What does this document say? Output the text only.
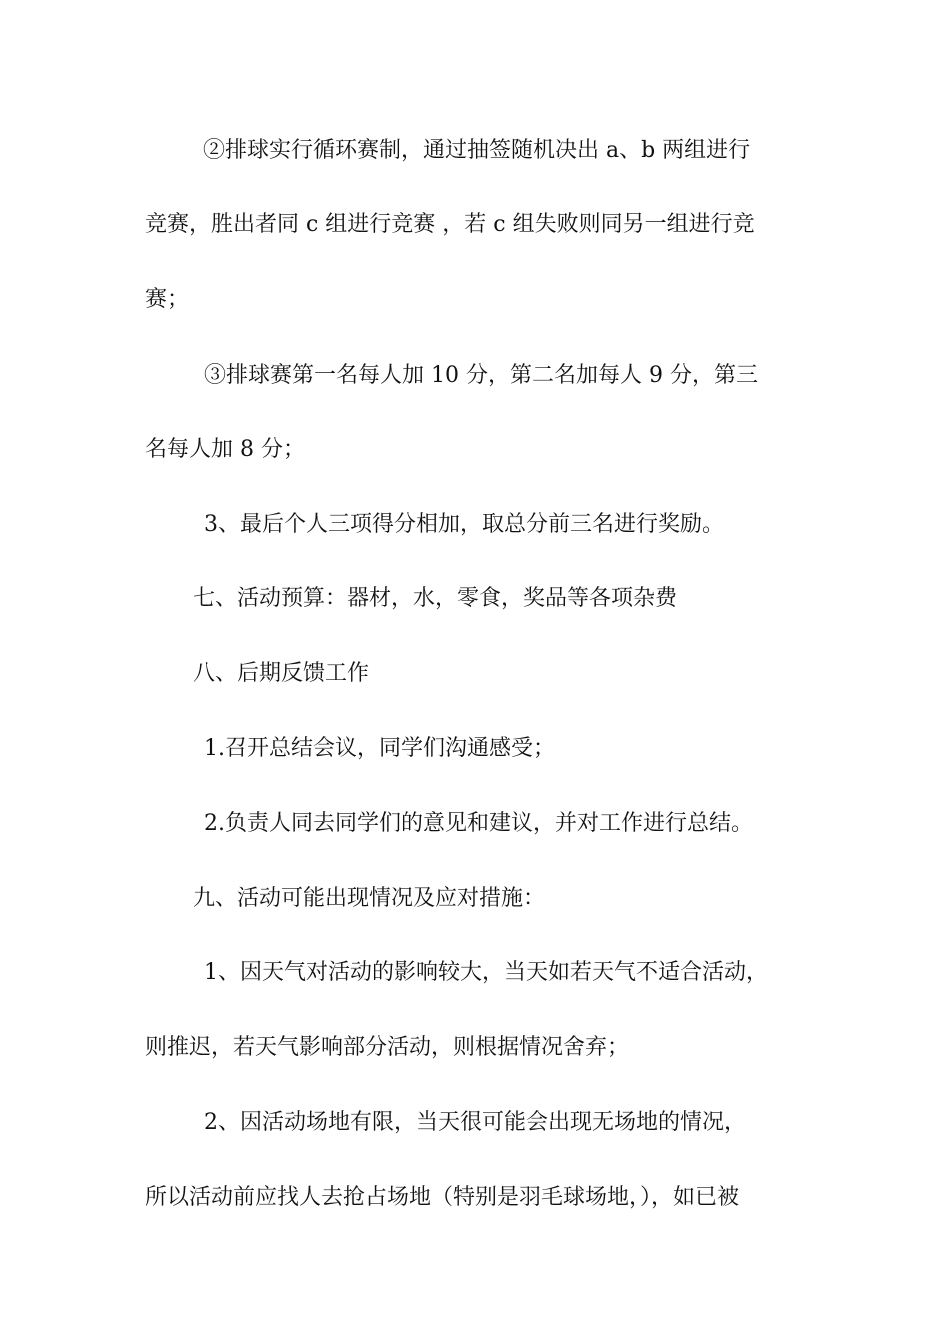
②排球实行循环赛制，通过抽签随机决出 a、b 两组进行
竞赛，胜出者同 c 组进行竞赛 ，若 c 组失败则同另一组进行竞
赛；
③排球赛第一名每人加 10 分，第二名加每人 9 分，第三
名每人加 8 分；
3、最后个人三项得分相加，取总分前三名进行奖励。
七、活动预算：器材，水，零食，奖品等各项杂费
八、后期反馈工作
1.召开总结会议，同学们沟通感受；
2.负责人同去同学们的意见和建议，并对工作进行总结。
九、活动可能出现情况及应对措施：
1、因天气对活动的影响较大，当天如若天气不适合活动，
则推迟，若天气影响部分活动，则根据情况舍弃；
2、因活动场地有限，当天很可能会出现无场地的情况，
所以活动前应找人去抢占场地（特别是羽毛球场地，），如已被
